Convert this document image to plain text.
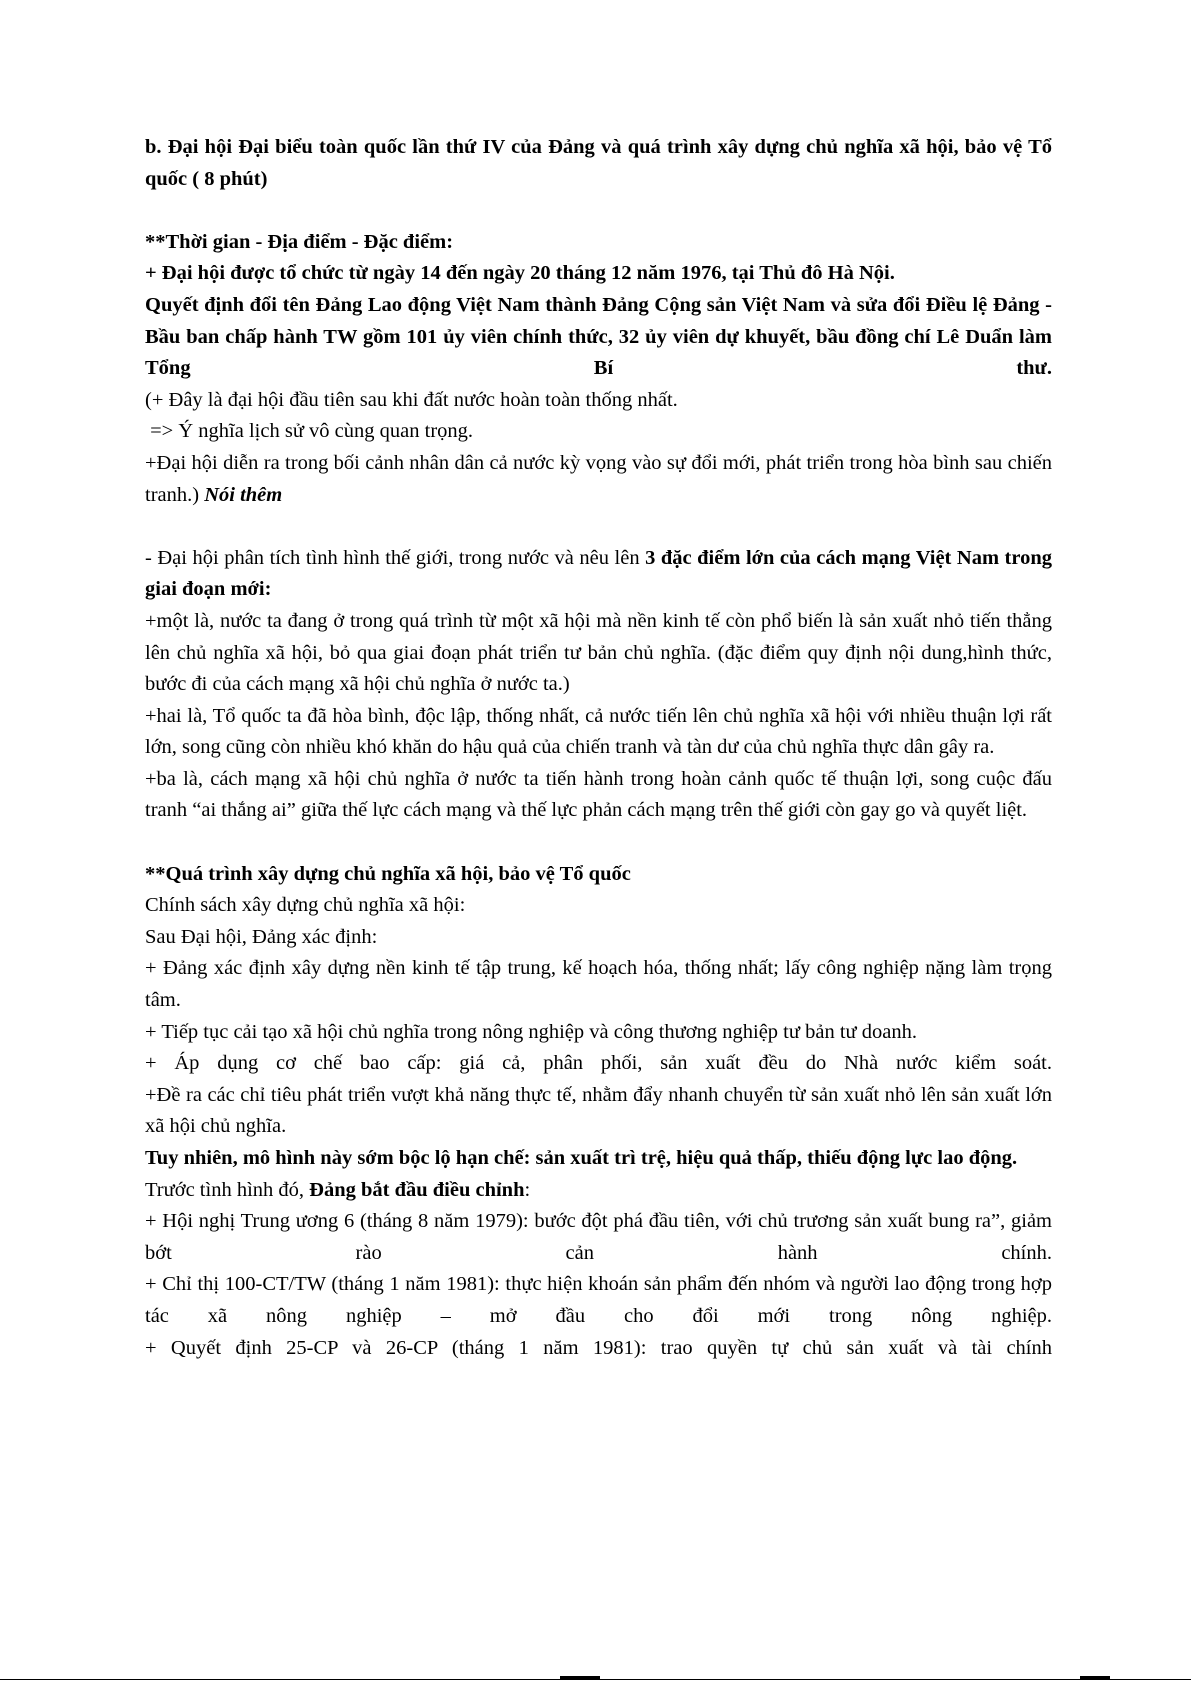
b. Đại hội Đại biểu toàn quốc lần thứ IV của Đảng và quá trình xây dựng chủ nghĩa xã hội, bảo vệ Tổ quốc ( 8 phút)

**Thời gian - Địa điểm - Đặc điểm:

+ Đại hội được tổ chức từ ngày 14 đến ngày 20 tháng 12 năm 1976, tại Thủ đô Hà Nội.

Quyết định đổi tên Đảng Lao động Việt Nam thành Đảng Cộng sản Việt Nam và sửa đổi Điều lệ Đảng - Bầu ban chấp hành TW gồm 101 ủy viên chính thức, 32 ủy viên dự khuyết, bầu đồng chí Lê Duẩn làm Tổng Bí thư.

(+ Đây là đại hội đầu tiên sau khi đất nước hoàn toàn thống nhất.

=> Ý nghĩa lịch sử vô cùng quan trọng.

+Đại hội diễn ra trong bối cảnh nhân dân cả nước kỳ vọng vào sự đổi mới, phát triển trong hòa bình sau chiến tranh.) Nói thêm

- Đại hội phân tích tình hình thế giới, trong nước và nêu lên 3 đặc điểm lớn của cách mạng Việt Nam trong giai đoạn mới:

+một là, nước ta đang ở trong quá trình từ một xã hội mà nền kinh tế còn phổ biến là sản xuất nhỏ tiến thẳng lên chủ nghĩa xã hội, bỏ qua giai đoạn phát triển tư bản chủ nghĩa. (đặc điểm quy định nội dung,hình thức, bước đi của cách mạng xã hội chủ nghĩa ở nước ta.)

+hai là, Tổ quốc ta đã hòa bình, độc lập, thống nhất, cả nước tiến lên chủ nghĩa xã hội với nhiều thuận lợi rất lớn, song cũng còn nhiều khó khăn do hậu quả của chiến tranh và tàn dư của chủ nghĩa thực dân gây ra.

+ba là, cách mạng xã hội chủ nghĩa ở nước ta tiến hành trong hoàn cảnh quốc tế thuận lợi, song cuộc đấu tranh “ai thắng ai” giữa thế lực cách mạng và thế lực phản cách mạng trên thế giới còn gay go và quyết liệt.

**Quá trình xây dựng chủ nghĩa xã hội, bảo vệ Tổ quốc

Chính sách xây dựng chủ nghĩa xã hội:

Sau Đại hội, Đảng xác định:

+ Đảng xác định xây dựng nền kinh tế tập trung, kế hoạch hóa, thống nhất; lấy công nghiệp nặng làm trọng tâm.

+ Tiếp tục cải tạo xã hội chủ nghĩa trong nông nghiệp và công thương nghiệp tư bản tư doanh.

+ Áp dụng cơ chế bao cấp: giá cả, phân phối, sản xuất đều do Nhà nước kiểm soát.

+Đề ra các chỉ tiêu phát triển vượt khả năng thực tế, nhằm đẩy nhanh chuyển từ sản xuất nhỏ lên sản xuất lớn xã hội chủ nghĩa.

Tuy nhiên, mô hình này sớm bộc lộ hạn chế: sản xuất trì trệ, hiệu quả thấp, thiếu động lực lao động.

Trước tình hình đó, Đảng bắt đầu điều chỉnh:

+ Hội nghị Trung ương 6 (tháng 8 năm 1979): bước đột phá đầu tiên, với chủ trương sản xuất bung ra”, giảm bớt rào cản hành chính.

+ Chỉ thị 100-CT/TW (tháng 1 năm 1981): thực hiện khoán sản phẩm đến nhóm và người lao động trong hợp tác xã nông nghiệp – mở đầu cho đổi mới trong nông nghiệp.

+ Quyết định 25-CP và 26-CP (tháng 1 năm 1981): trao quyền tự chủ sản xuất và tài chính
